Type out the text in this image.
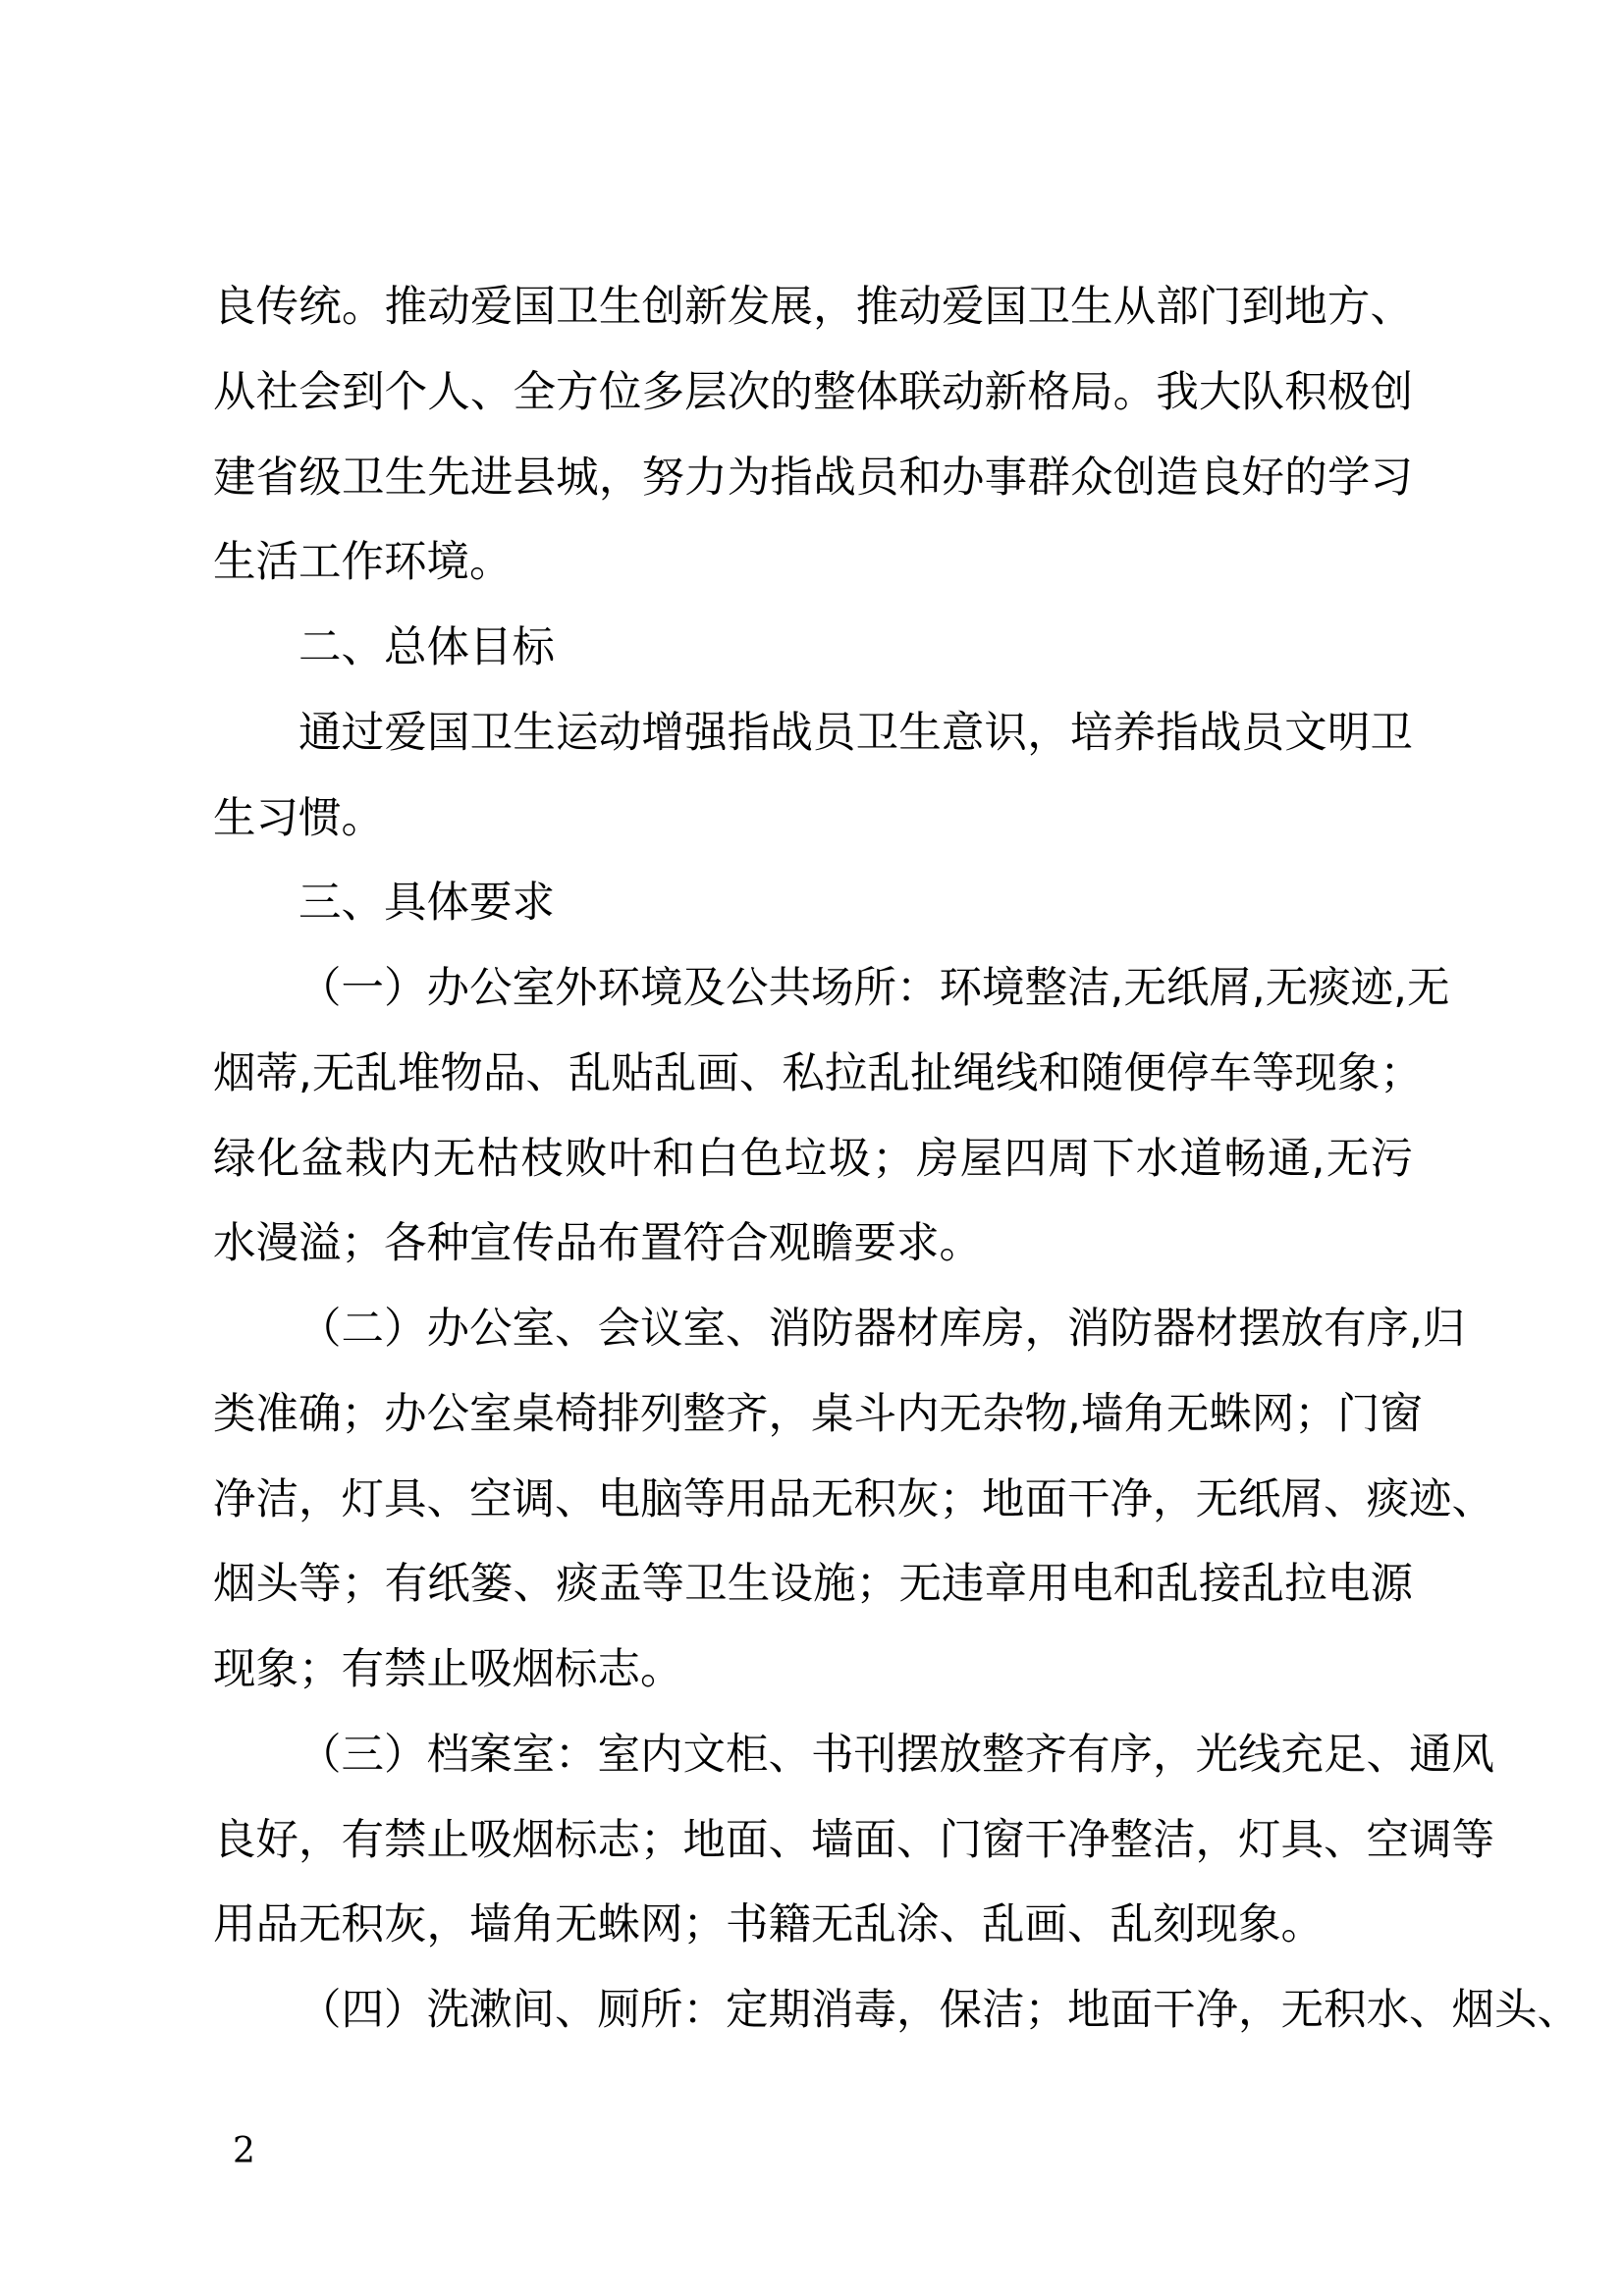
良传统。推动爱国卫生创新发展，推动爱国卫生从部门到地方、
从社会到个人、全方位多层次的整体联动新格局。我大队积极创
建省级卫生先进县城，努力为指战员和办事群众创造良好的学习
生活工作环境。
二、总体目标
通过爱国卫生运动增强指战员卫生意识，培养指战员文明卫
生习惯。
三、具体要求
（一）办公室外环境及公共场所：环境整洁,无纸屑,无痰迹,无
烟蒂,无乱堆物品、乱贴乱画、私拉乱扯绳线和随便停车等现象；
绿化盆栽内无枯枝败叶和白色垃圾；房屋四周下水道畅通,无污
水漫溢；各种宣传品布置符合观瞻要求。
（二）办公室、会议室、消防器材库房，消防器材摆放有序,归
类准确；办公室桌椅排列整齐，桌斗内无杂物,墙角无蛛网；门窗
净洁，灯具、空调、电脑等用品无积灰；地面干净，无纸屑、痰迹、
烟头等；有纸篓、痰盂等卫生设施；无违章用电和乱接乱拉电源
现象；有禁止吸烟标志。
（三）档案室：室内文柜、书刊摆放整齐有序，光线充足、通风
良好，有禁止吸烟标志；地面、墙面、门窗干净整洁，灯具、空调等
用品无积灰，墙角无蛛网；书籍无乱涂、乱画、乱刻现象。
（四）洗漱间、厕所：定期消毒，保洁；地面干净，无积水、烟头、
2
